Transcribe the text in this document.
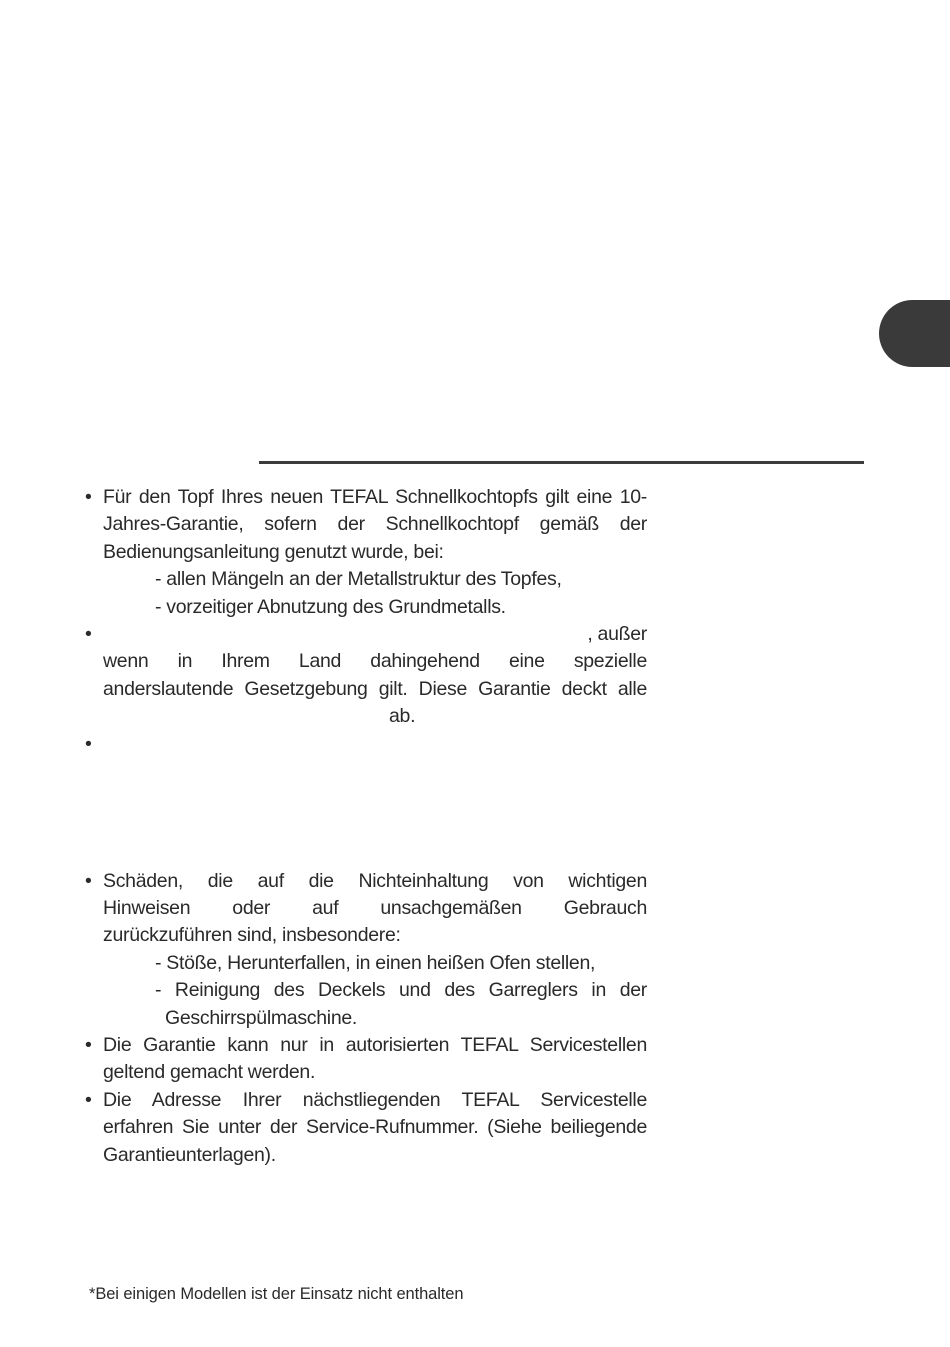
• Für den Topf Ihres neuen TEFAL Schnellkochtopfs gilt eine 10-
Jahres-Garantie, sofern der Schnellkochtopf gemäß der
Bedienungsanleitung genutzt wurde, bei:
- allen Mängeln an der Metallstruktur des Topfes,
- vorzeitiger Abnutzung des Grundmetalls.
•	, außer
wenn in Ihrem Land dahingehend eine spezielle
anderslautende Gesetzgebung gilt. Diese Garantie deckt alle
ab.
•
• Schäden, die auf die Nichteinhaltung von wichtigen
Hinweisen oder auf unsachgemäßen Gebrauch
zurückzuführen sind, insbesondere:
- Stöße, Herunterfallen, in einen heißen Ofen stellen,
- Reinigung des Deckels und des Garreglers in der
Geschirrspülmaschine.
• Die Garantie kann nur in autorisierten TEFAL Servicestellen
geltend gemacht werden.
• Die Adresse Ihrer nächstliegenden TEFAL Servicestelle
erfahren Sie unter der Service-Rufnummer. (Siehe beiliegende
Garantieunterlagen).
*Bei einigen Modellen ist der Einsatz nicht enthalten
